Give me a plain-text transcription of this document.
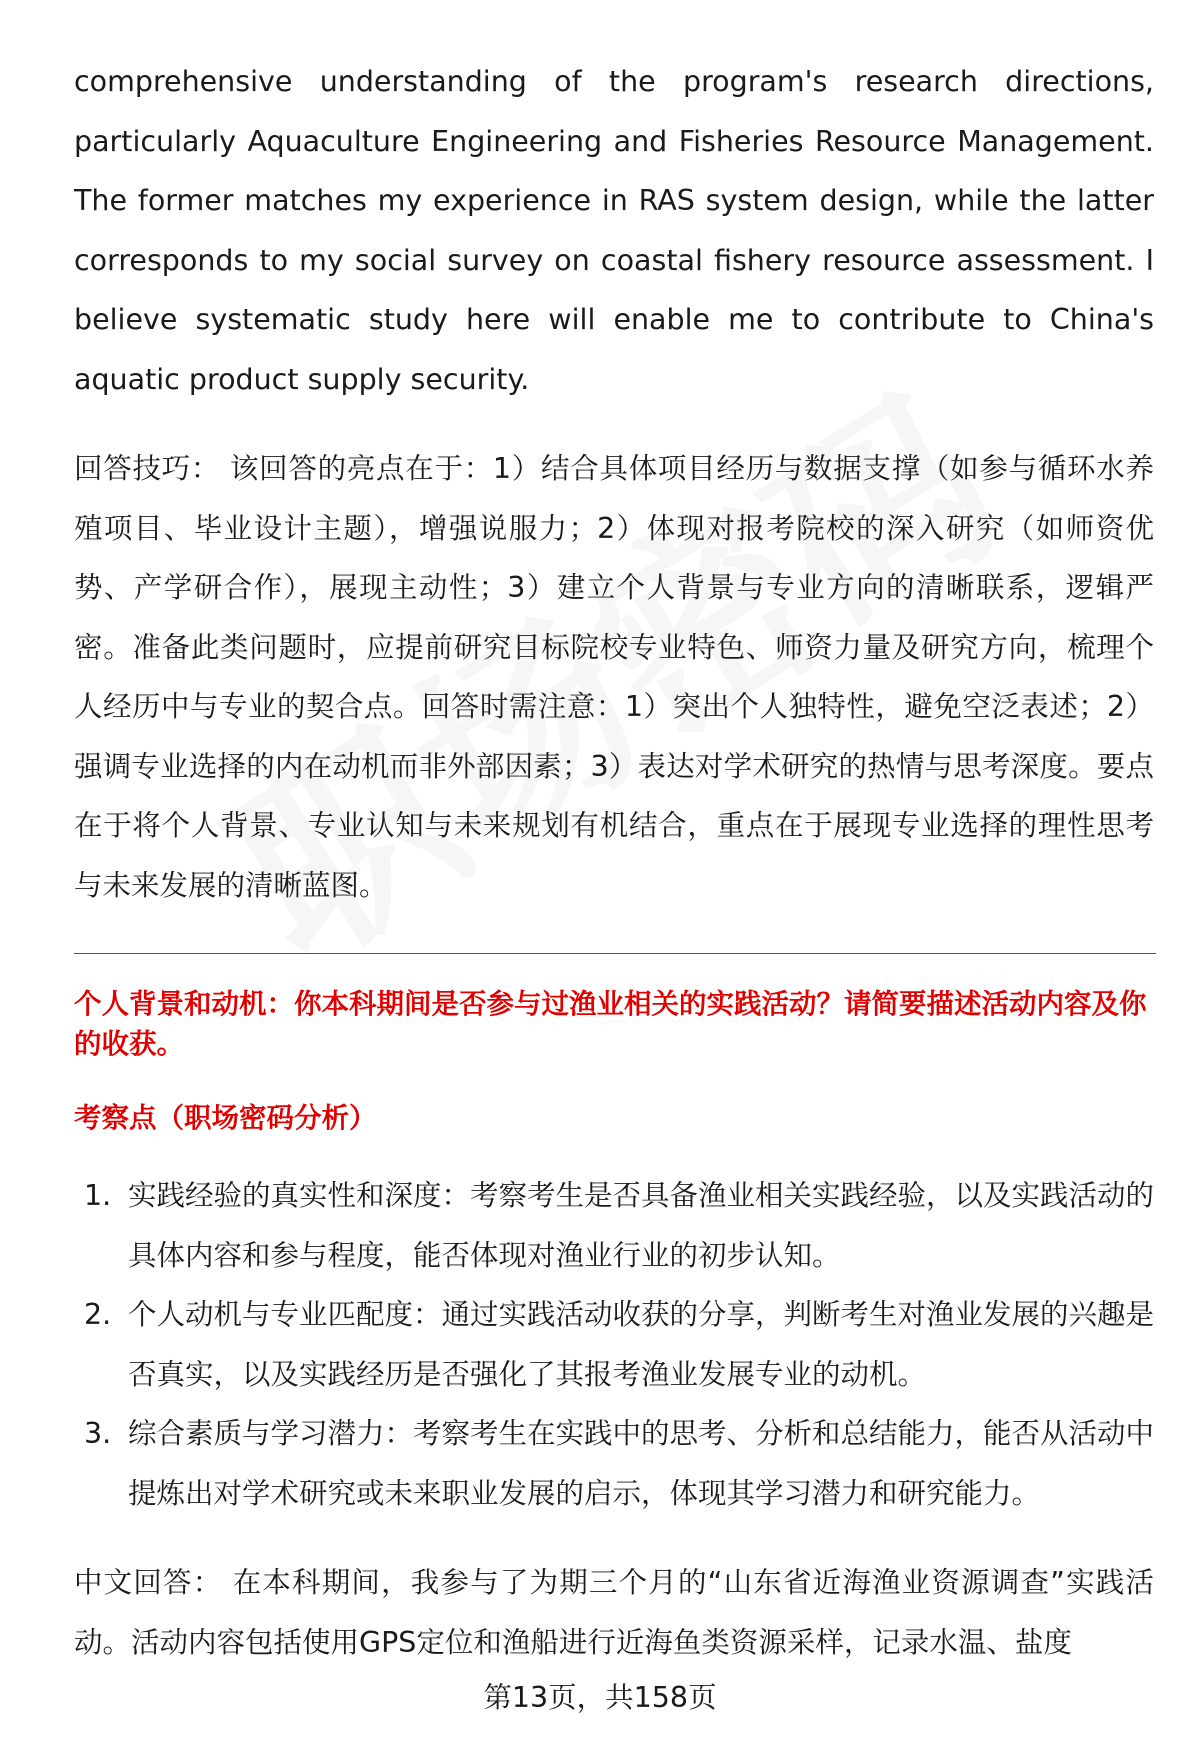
comprehensive understanding of the program's research directions, particularly Aquaculture Engineering and Fisheries Resource Management. The former matches my experience in RAS system design, while the latter corresponds to my social survey on coastal fishery resource assessment. I believe systematic study here will enable me to contribute to China's aquatic product supply security.

回答技巧： 该回答的亮点在于：1）结合具体项目经历与数据支撑（如参与循环水养殖项目、毕业设计主题），增强说服力；2）体现对报考院校的深入研究（如师资优势、产学研合作），展现主动性；3）建立个人背景与专业方向的清晰联系，逻辑严密。准备此类问题时，应提前研究目标院校专业特色、师资力量及研究方向，梳理个人经历中与专业的契合点。回答时需注意：1）突出个人独特性，避免空泛表述；2）强调专业选择的内在动机而非外部因素；3）表达对学术研究的热情与思考深度。要点在于将个人背景、专业认知与未来规划有机结合，重点在于展现专业选择的理性思考与未来发展的清晰蓝图。

个人背景和动机：你本科期间是否参与过渔业相关的实践活动？请简要描述活动内容及你的收获。

考察点（职场密码分析）

1. 实践经验的真实性和深度：考察考生是否具备渔业相关实践经验，以及实践活动的具体内容和参与程度，能否体现对渔业行业的初步认知。
2. 个人动机与专业匹配度：通过实践活动收获的分享，判断考生对渔业发展的兴趣是否真实，以及实践经历是否强化了其报考渔业发展专业的动机。
3. 综合素质与学习潜力：考察考生在实践中的思考、分析和总结能力，能否从活动中提炼出对学术研究或未来职业发展的启示，体现其学习潜力和研究能力。

中文回答： 在本科期间，我参与了为期三个月的“山东省近海渔业资源调查”实践活动。活动内容包括使用GPS定位和渔船进行近海鱼类资源采样，记录水温、盐度

第13页，共158页
